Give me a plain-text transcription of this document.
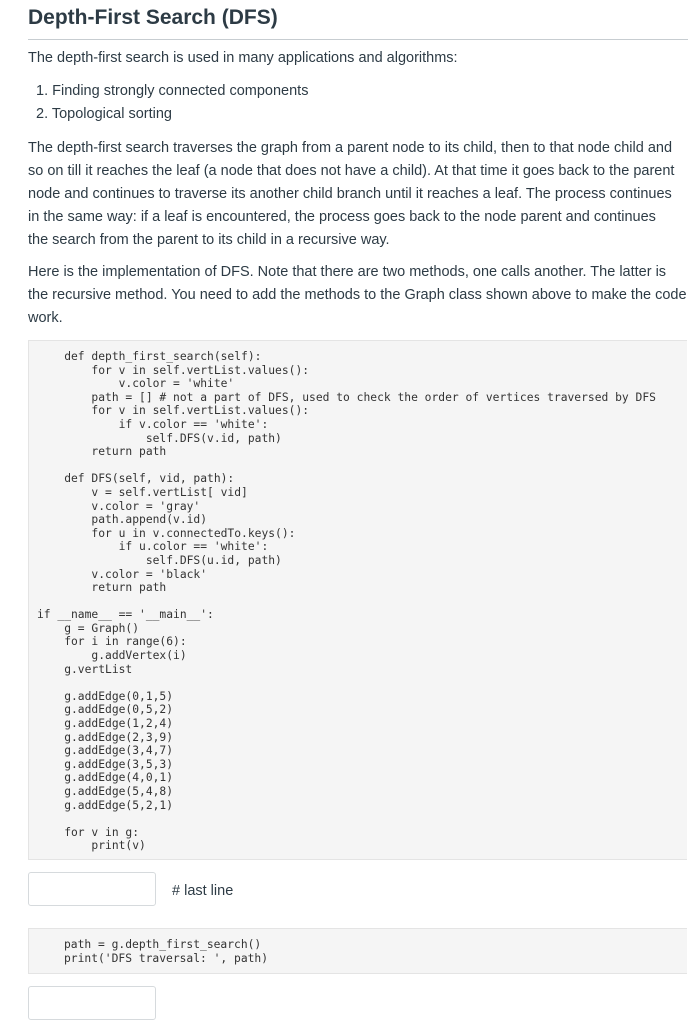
Depth-First Search (DFS)

The depth-first search is used in many applications and algorithms:

1. Finding strongly connected components
2. Topological sorting

The depth-first search traverses the graph from a parent node to its child, then to that node child and so on till it reaches the leaf (a node that does not have a child). At that time it goes back to the parent node and continues to traverse its another child branch until it reaches a leaf. The process continues in the same way: if a leaf is encountered, the process goes back to the node parent and continues the search from the parent to its child in a recursive way.

Here is the implementation of DFS. Note that there are two methods, one calls another. The latter is the recursive method. You need to add the methods to the Graph class shown above to make the code work.

def depth_first_search(self):
for v in self.vertList.values():
v.color = 'white'
path = [] # not a part of DFS, used to check the order of vertices traversed by DFS
for v in self.vertList.values():
if v.color == 'white':
self.DFS(v.id, path)
return path

def DFS(self, vid, path):
v = self.vertList[ vid]
v.color = 'gray'
path.append(v.id)
for u in v.connectedTo.keys():
if u.color == 'white':
self.DFS(u.id, path)
v.color = 'black'
return path

if __name__ == '__main__':
g = Graph()
for i in range(6):
g.addVertex(i)
g.vertList

g.addEdge(0,1,5)
g.addEdge(0,5,2)
g.addEdge(1,2,4)
g.addEdge(2,3,9)
g.addEdge(3,4,7)
g.addEdge(3,5,3)
g.addEdge(4,0,1)
g.addEdge(5,4,8)
g.addEdge(5,2,1)

for v in g:
print(v)
# last line
path = g.depth_first_search()
print('DFS traversal: ', path)
